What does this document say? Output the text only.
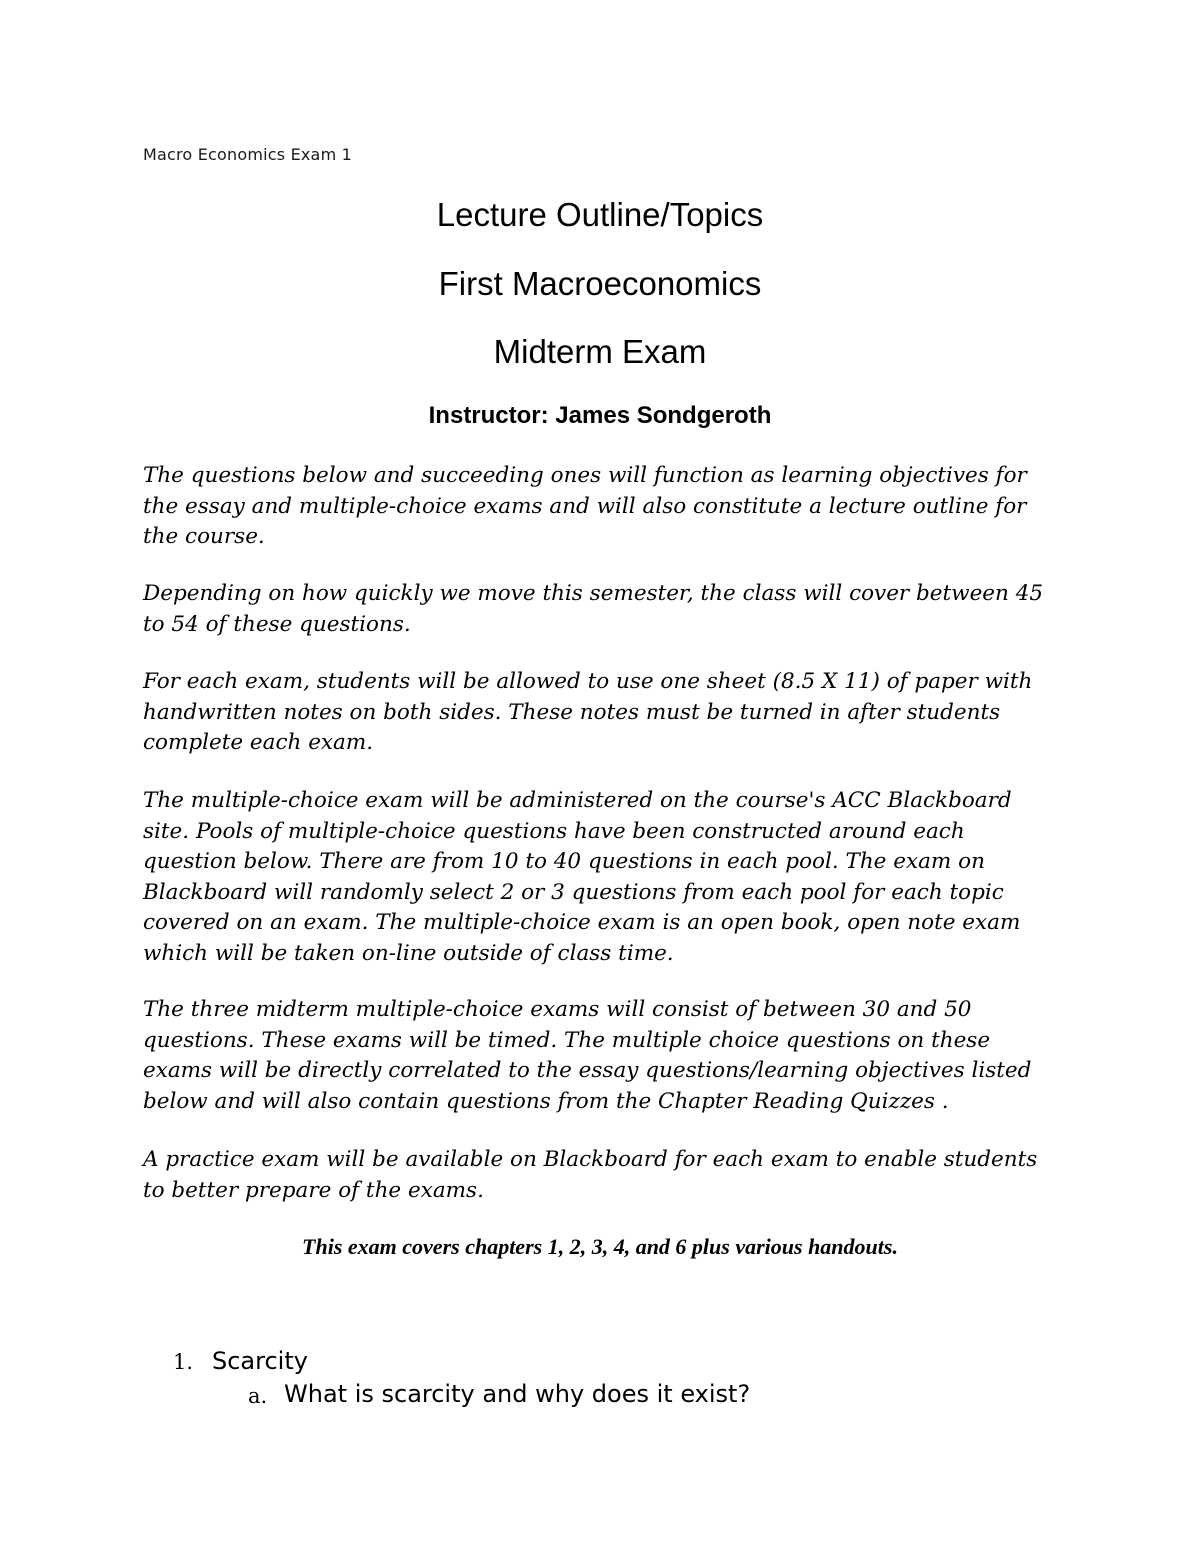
Macro Economics Exam 1
Lecture Outline/Topics
First Macroeconomics
Midterm Exam
Instructor: James Sondgeroth

The questions below and succeeding ones will function as learning objectives for the essay and multiple-choice exams and will also constitute a lecture outline for the course.

Depending on how quickly we move this semester, the class will cover between 45 to 54 of these questions.

For each exam, students will be allowed to use one sheet (8.5 X 11) of paper with handwritten notes on both sides. These notes must be turned in after students complete each exam.

The multiple-choice exam will be administered on the course's ACC Blackboard site. Pools of multiple-choice questions have been constructed around each question below. There are from 10 to 40 questions in each pool. The exam on Blackboard will randomly select 2 or 3 questions from each pool for each topic covered on an exam. The multiple-choice exam is an open book, open note exam which will be taken on-line outside of class time.

The three midterm multiple-choice exams will consist of between 30 and 50 questions. These exams will be timed. The multiple choice questions on these exams will be directly correlated to the essay questions/learning objectives listed below and will also contain questions from the Chapter Reading Quizzes .

A practice exam will be available on Blackboard for each exam to enable students to better prepare of the exams.

This exam covers chapters 1, 2, 3, 4, and 6 plus various handouts.
1. Scarcity
a. What is scarcity and why does it exist?
